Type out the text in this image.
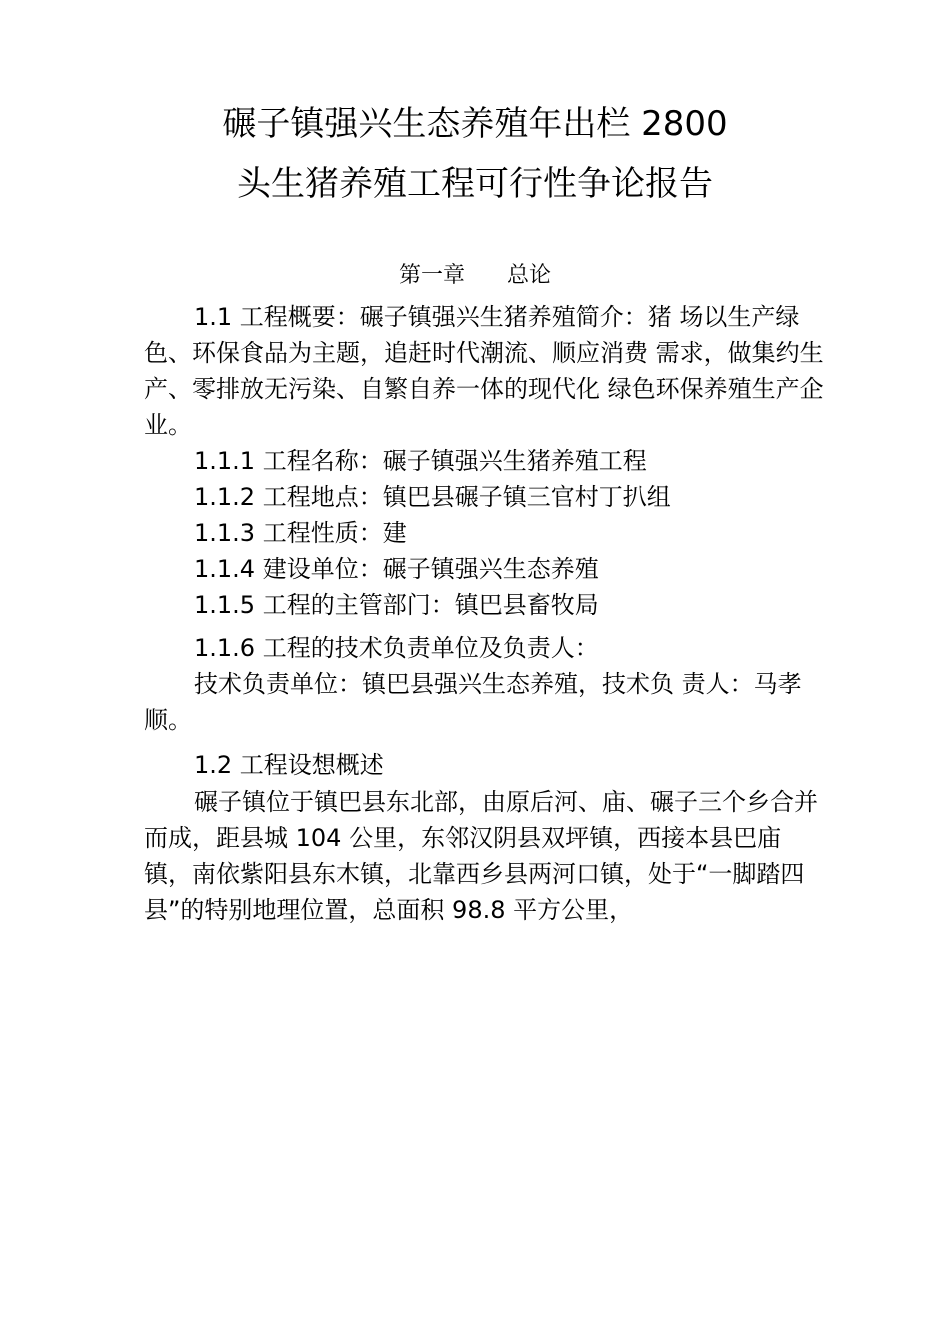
碾子镇强兴生态养殖年出栏 2800
头生猪养殖工程可行性争论报告
第一章      总论

1.1 工程概要：碾子镇强兴生猪养殖简介：猪 场以生产绿色、环保食品为主题，追赶时代潮流、顺应消费 需求，做集约生产、零排放无污染、自繁自养一体的现代化 绿色环保养殖生产企业。

1.1.1 工程名称：碾子镇强兴生猪养殖工程

1.1.2 工程地点：镇巴县碾子镇三官村丁扒组

1.1.3 工程性质：建

1.1.4 建设单位：碾子镇强兴生态养殖

1.1.5 工程的主管部门：镇巴县畜牧局

1.1.6 工程的技术负责单位及负责人：

技术负责单位：镇巴县强兴生态养殖，技术负 责人：马孝顺。

1.2 工程设想概述

碾子镇位于镇巴县东北部，由原后河、庙、碾子三个乡合并而成，距县城 104 公里，东邻汉阴县双坪镇，西接本县巴庙镇，南依紫阳县东木镇，北靠西乡县两河口镇，处于“一脚踏四县”的特别地理位置，总面积 98.8 平方公里，
